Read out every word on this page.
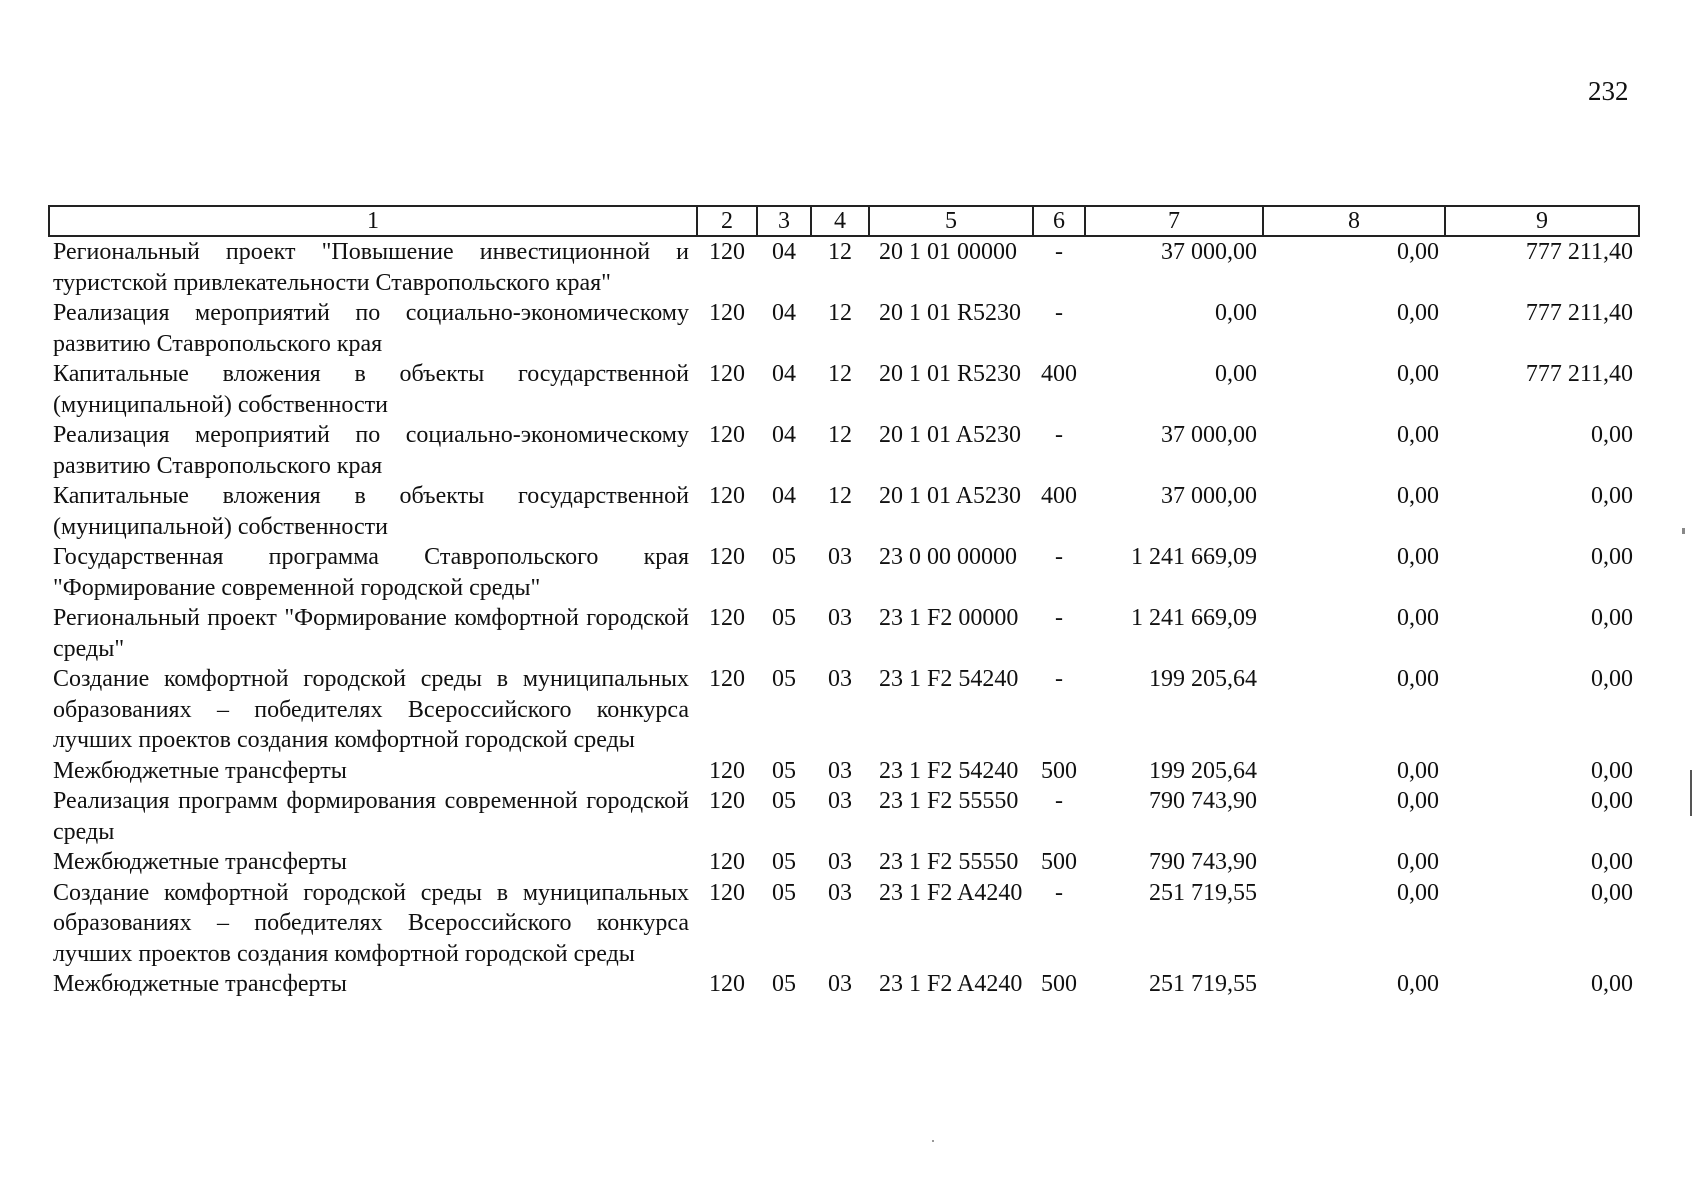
232
1	2	3	4	5	6	7	8	9
Региональный проект "Повышение инвестиционной и туристской привлекательности Ставропольского края"	120	04	12	20 1 01 00000	-	37 000,00	0,00	777 211,40
Реализация мероприятий по социально-экономическому развитию Ставропольского края	120	04	12	20 1 01 R5230	-	0,00	0,00	777 211,40
Капитальные вложения в объекты государственной (муниципальной) собственности	120	04	12	20 1 01 R5230	400	0,00	0,00	777 211,40
Реализация мероприятий по социально-экономическому развитию Ставропольского края	120	04	12	20 1 01 A5230	-	37 000,00	0,00	0,00
Капитальные вложения в объекты государственной (муниципальной) собственности	120	04	12	20 1 01 A5230	400	37 000,00	0,00	0,00
Государственная программа Ставропольского края "Формирование современной городской среды"	120	05	03	23 0 00 00000	-	1 241 669,09	0,00	0,00
Региональный проект "Формирование комфортной городской среды"	120	05	03	23 1 F2 00000	-	1 241 669,09	0,00	0,00
Создание комфортной городской среды в муниципальных образованиях – победителях Всероссийского конкурса лучших проектов создания комфортной городской среды	120	05	03	23 1 F2 54240	-	199 205,64	0,00	0,00
Межбюджетные трансферты	120	05	03	23 1 F2 54240	500	199 205,64	0,00	0,00
Реализация программ формирования современной городской среды	120	05	03	23 1 F2 55550	-	790 743,90	0,00	0,00
Межбюджетные трансферты	120	05	03	23 1 F2 55550	500	790 743,90	0,00	0,00
Создание комфортной городской среды в муниципальных образованиях – победителях Всероссийского конкурса лучших проектов создания комфортной городской среды	120	05	03	23 1 F2 A4240	-	251 719,55	0,00	0,00
Межбюджетные трансферты	120	05	03	23 1 F2 A4240	500	251 719,55	0,00	0,00
